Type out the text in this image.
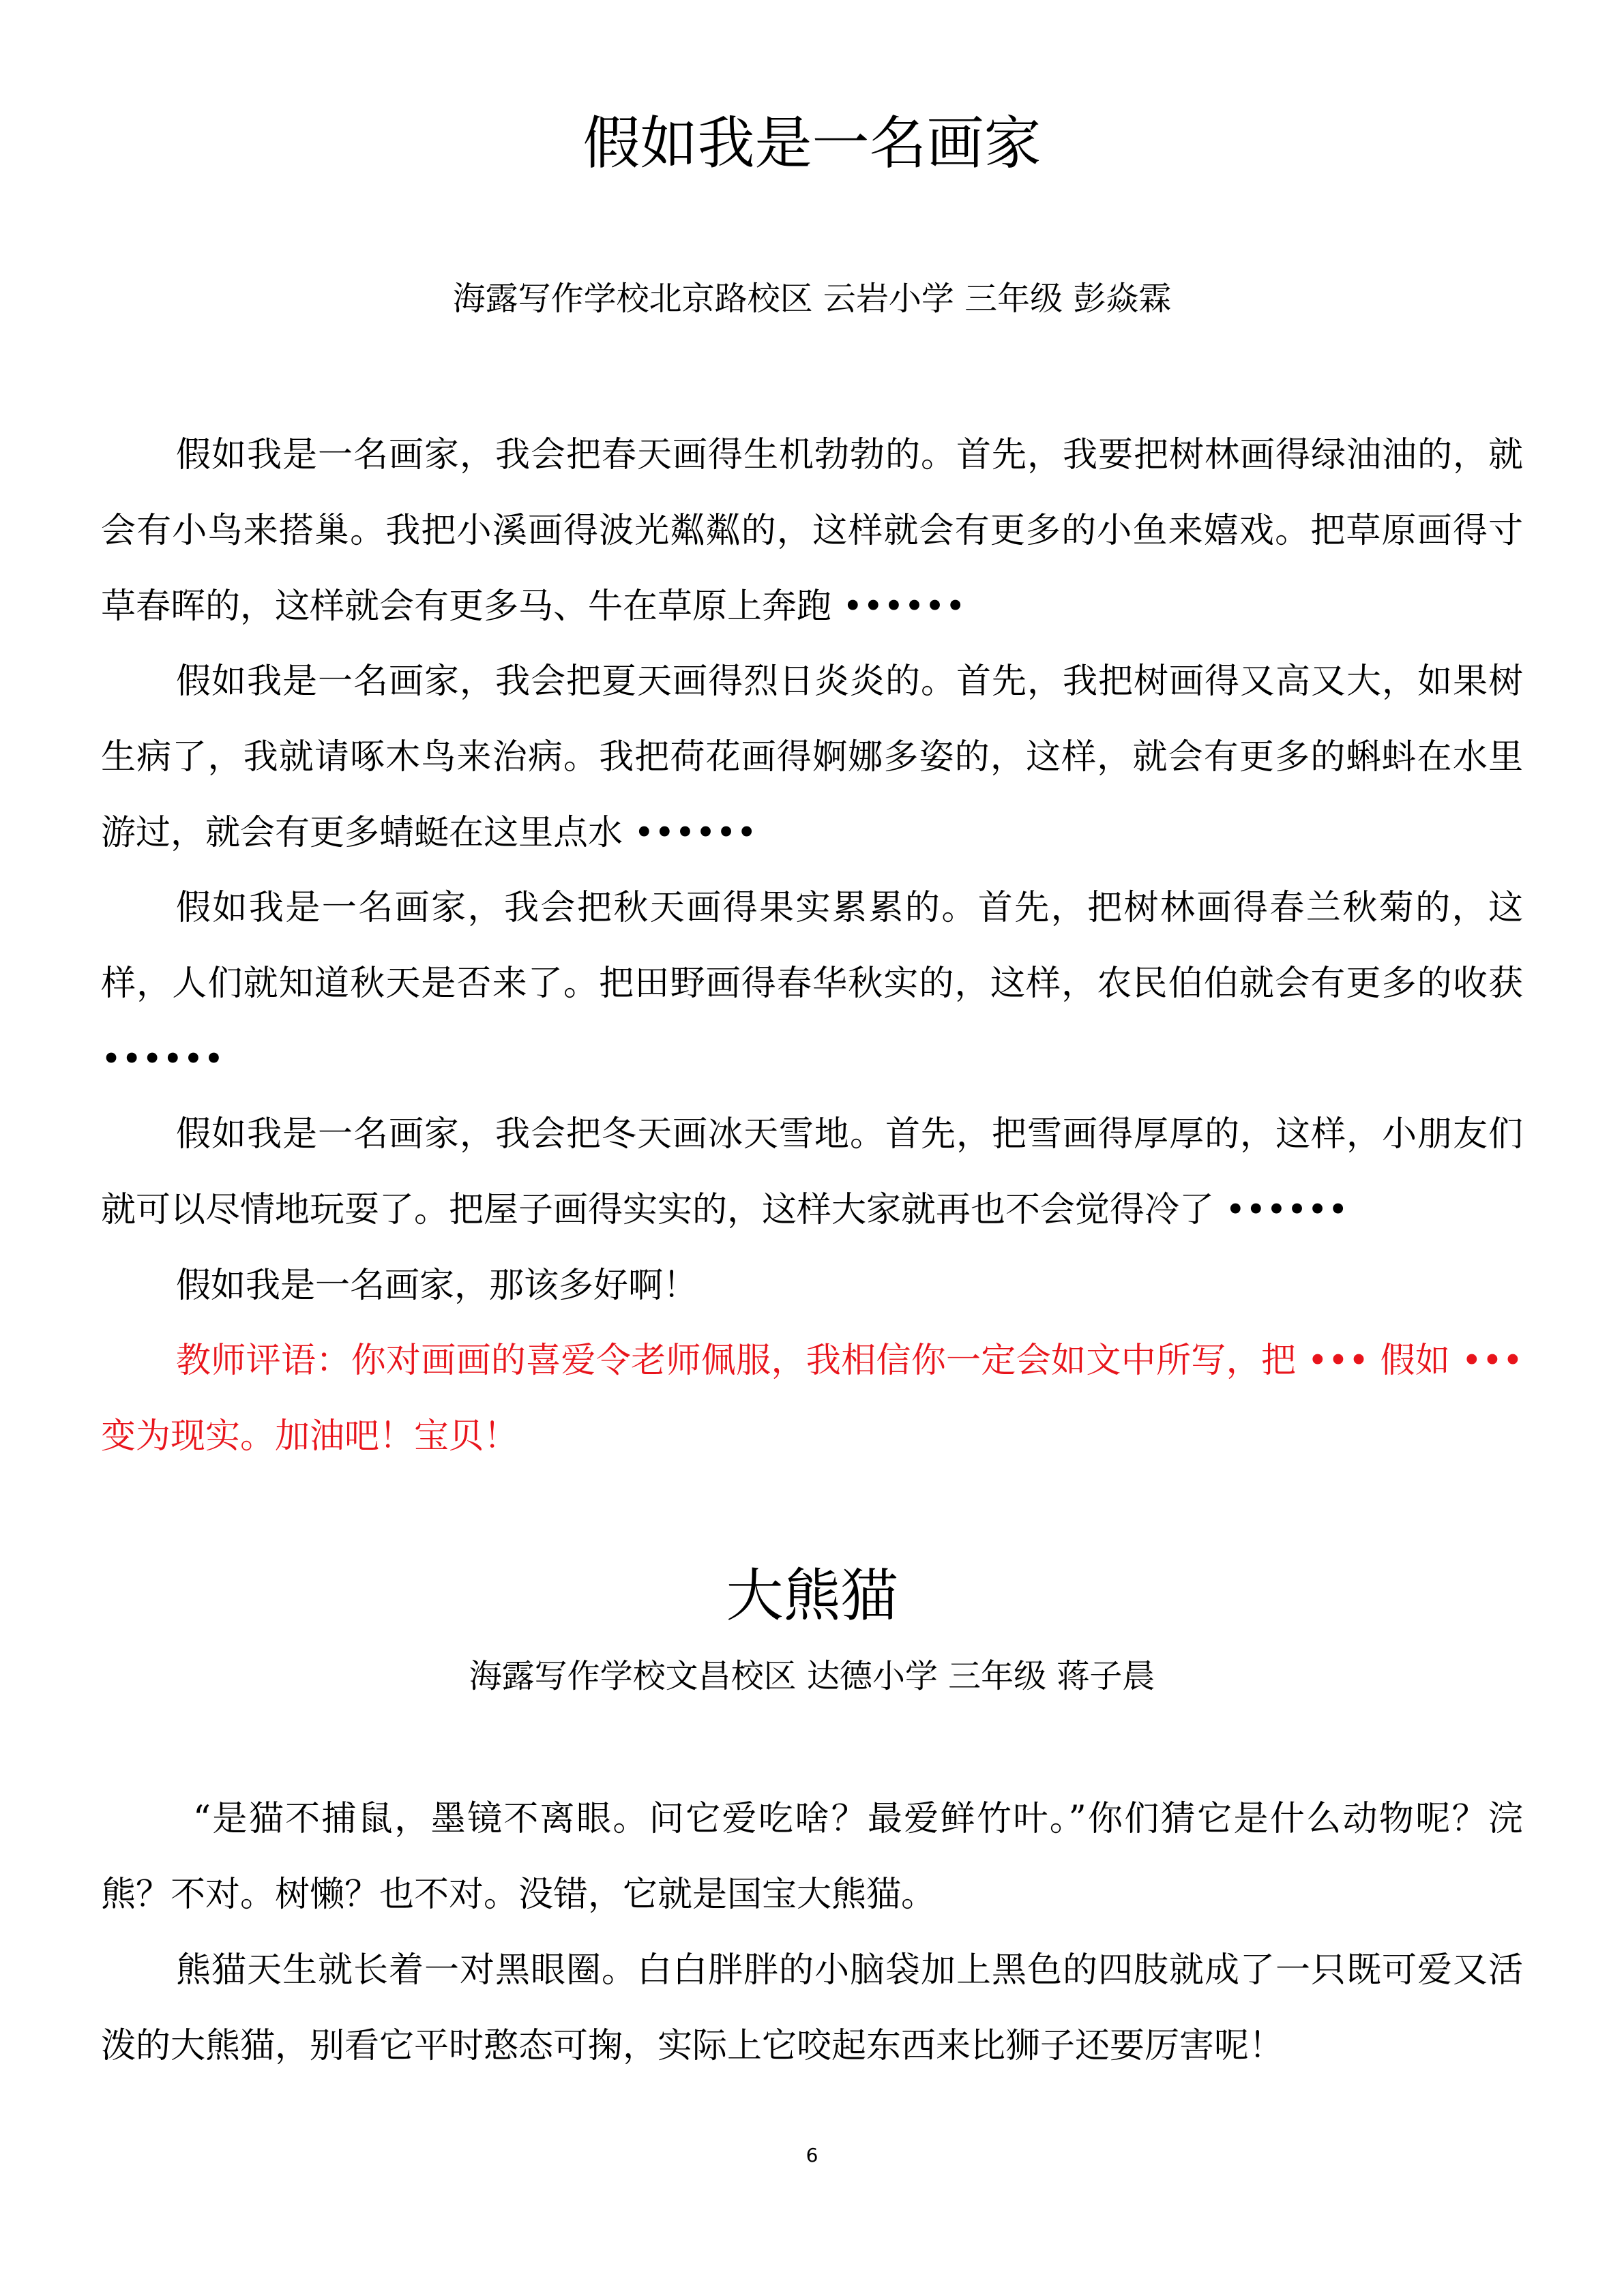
假如我是一名画家

海露写作学校北京路校区 云岩小学 三年级 彭焱霖

假如我是一名画家，我会把春天画得生机勃勃的。首先，我要把树林画得绿油油的，就会有小鸟来搭巢。我把小溪画得波光粼粼的，这样就会有更多的小鱼来嬉戏。把草原画得寸草春晖的，这样就会有更多马、牛在草原上奔跑 ••••••

假如我是一名画家，我会把夏天画得烈日炎炎的。首先，我把树画得又高又大，如果树生病了，我就请啄木鸟来治病。我把荷花画得婀娜多姿的，这样，就会有更多的蝌蚪在水里游过，就会有更多蜻蜓在这里点水 ••••••

假如我是一名画家，我会把秋天画得果实累累的。首先，把树林画得春兰秋菊的，这样，人们就知道秋天是否来了。把田野画得春华秋实的，这样，农民伯伯就会有更多的收获 ••••••

假如我是一名画家，我会把冬天画冰天雪地。首先，把雪画得厚厚的，这样，小朋友们就可以尽情地玩耍了。把屋子画得实实的，这样大家就再也不会觉得冷了 ••••••

假如我是一名画家，那该多好啊！

教师评语：你对画画的喜爱令老师佩服，我相信你一定会如文中所写，把 ••• 假如 ••• 变为现实。加油吧！宝贝！

大熊猫

海露写作学校文昌校区 达德小学 三年级 蒋子晨

“是猫不捕鼠，墨镜不离眼。问它爱吃啥？最爱鲜竹叶。”你们猜它是什么动物呢？浣熊？不对。树懒？也不对。没错，它就是国宝大熊猫。

熊猫天生就长着一对黑眼圈。白白胖胖的小脑袋加上黑色的四肢就成了一只既可爱又活泼的大熊猫，别看它平时憨态可掬，实际上它咬起东西来比狮子还要厉害呢！

6
